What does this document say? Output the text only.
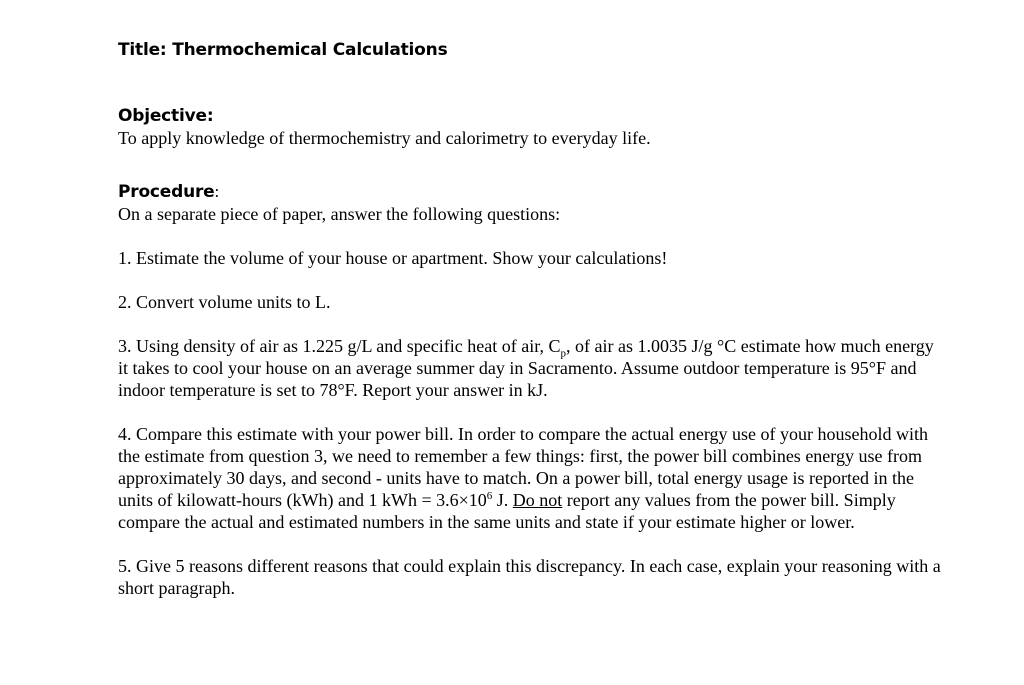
Title: Thermochemical Calculations
Objective:

To apply knowledge of thermochemistry and calorimetry to everyday life.

Procedure:

On a separate piece of paper, answer the following questions:

1. Estimate the volume of your house or apartment. Show your calculations!

2. Convert volume units to L.

3. Using density of air as 1.225 g/L and specific heat of air, $C_p$, of air as 1.0035 J/g °C estimate how much energy it takes to cool your house on an average summer day in Sacramento. Assume outdoor temperature is 95°F and indoor temperature is set to 78°F. Report your answer in kJ.

4. Compare this estimate with your power bill. In order to compare the actual energy use of your household with the estimate from question 3, we need to remember a few things: first, the power bill combines energy use from approximately 30 days, and second - units have to match. On a power bill, total energy usage is reported in the units of kilowatt-hours (kWh) and 1 kWh = $3.6\times 10^6$ J. Do not report any values from the power bill. Simply compare the actual and estimated numbers in the same units and state if your estimate higher or lower.

5. Give 5 reasons different reasons that could explain this discrepancy. In each case, explain your reasoning with a short paragraph.
